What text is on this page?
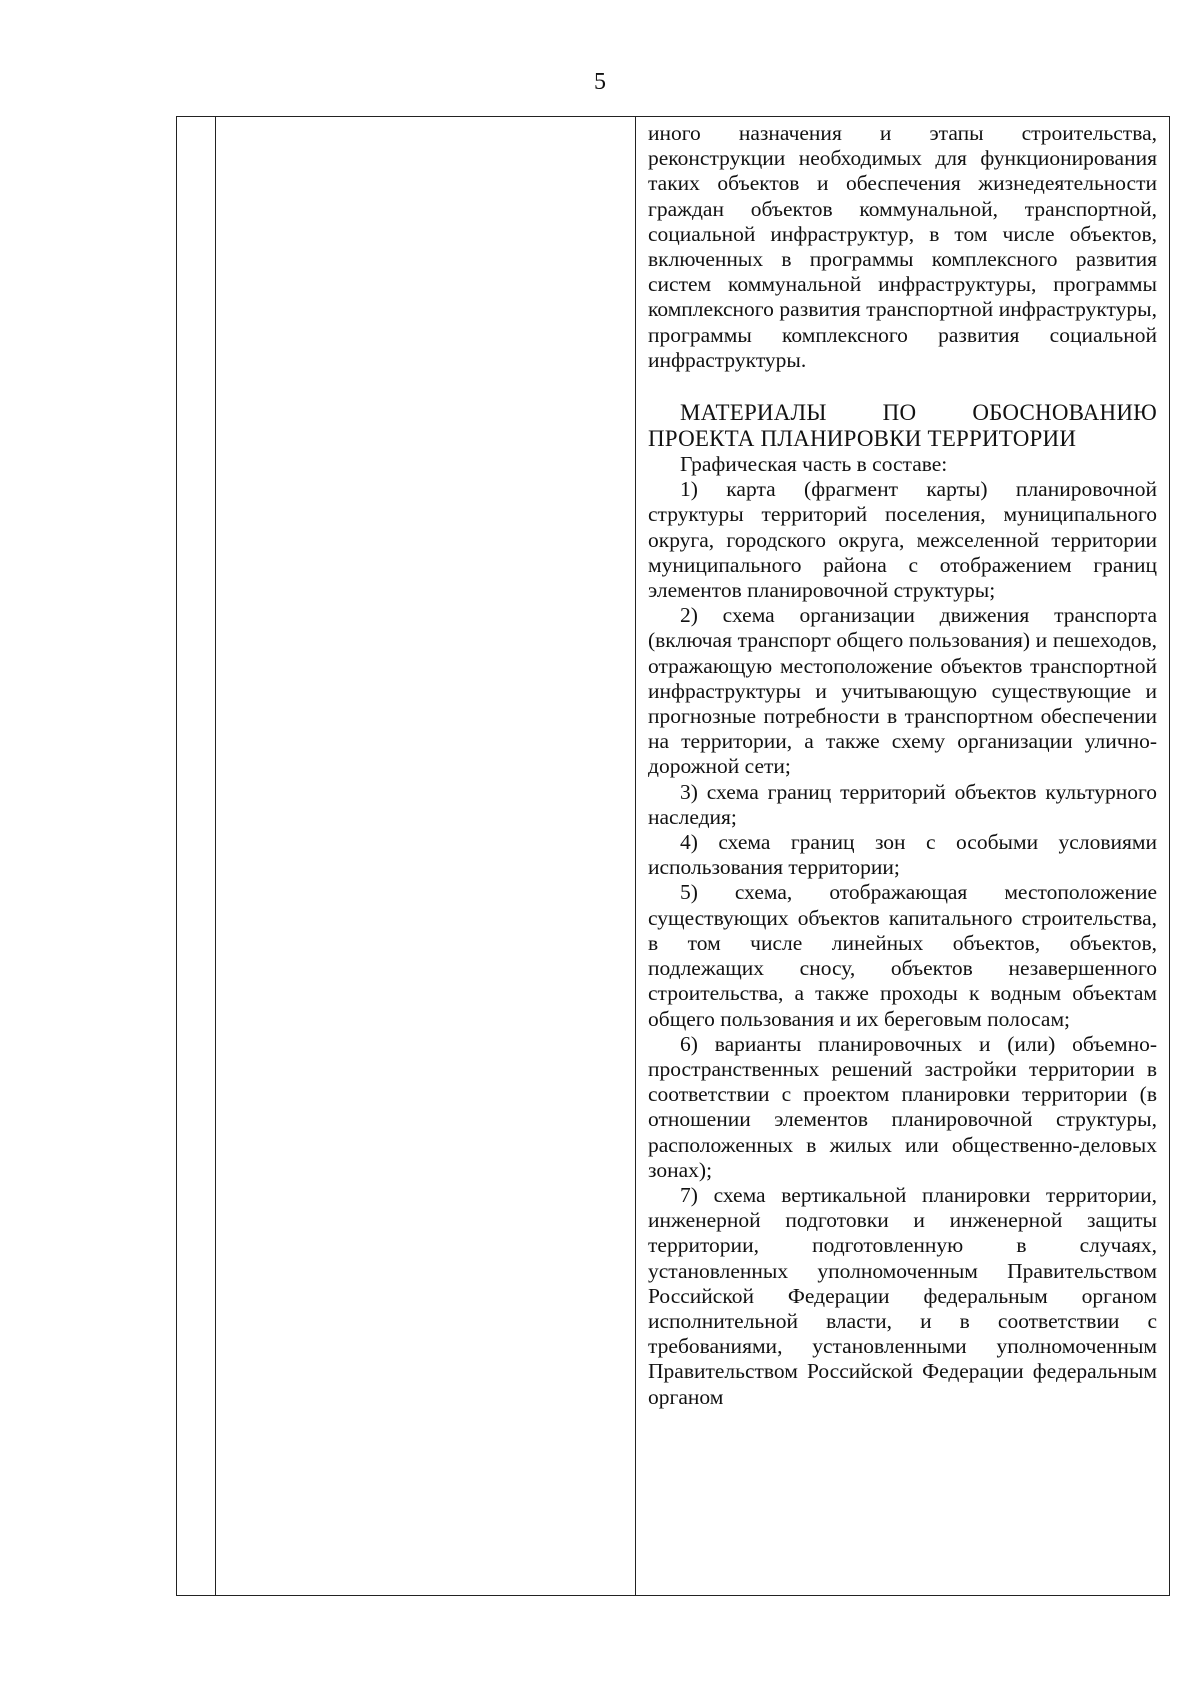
5

иного назначения и этапы строительства, реконструкции необходимых для функционирования таких объектов и обеспечения жизнедеятельности граждан объектов коммунальной, транспортной, социальной инфраструктур, в том числе объектов, включенных в программы комплексного развития систем коммунальной инфраструктуры, программы комплексного развития транспортной инфраструктуры, программы комплексного развития социальной инфраструктуры.

МАТЕРИАЛЫ ПО ОБОСНОВАНИЮ ПРОЕКТА ПЛАНИРОВКИ ТЕРРИТОРИИ

Графическая часть в составе:

1) карта (фрагмент карты) планировочной структуры территорий поселения, муниципального округа, городского округа, межселенной территории муниципального района с отображением границ элементов планировочной структуры;

2) схема организации движения транспорта (включая транспорт общего пользования) и пешеходов, отражающую местоположение объектов транспортной инфраструктуры и учитывающую существующие и прогнозные потребности в транспортном обеспечении на территории, а также схему организации улично-дорожной сети;

3) схема границ территорий объектов культурного наследия;

4) схема границ зон с особыми условиями использования территории;

5) схема, отображающая местоположение существующих объектов капитального строительства, в том числе линейных объектов, объектов, подлежащих сносу, объектов незавершенного строительства, а также проходы к водным объектам общего пользования и их береговым полосам;

6) варианты планировочных и (или) объемно-пространственных решений застройки территории в соответствии с проектом планировки территории (в отношении элементов планировочной структуры, расположенных в жилых или общественно-деловых зонах);

7) схема вертикальной планировки территории, инженерной подготовки и инженерной защиты территории, подготовленную в случаях, установленных уполномоченным Правительством Российской Федерации федеральным органом исполнительной власти, и в соответствии с требованиями, установленными уполномоченным Правительством Российской Федерации федеральным органом
